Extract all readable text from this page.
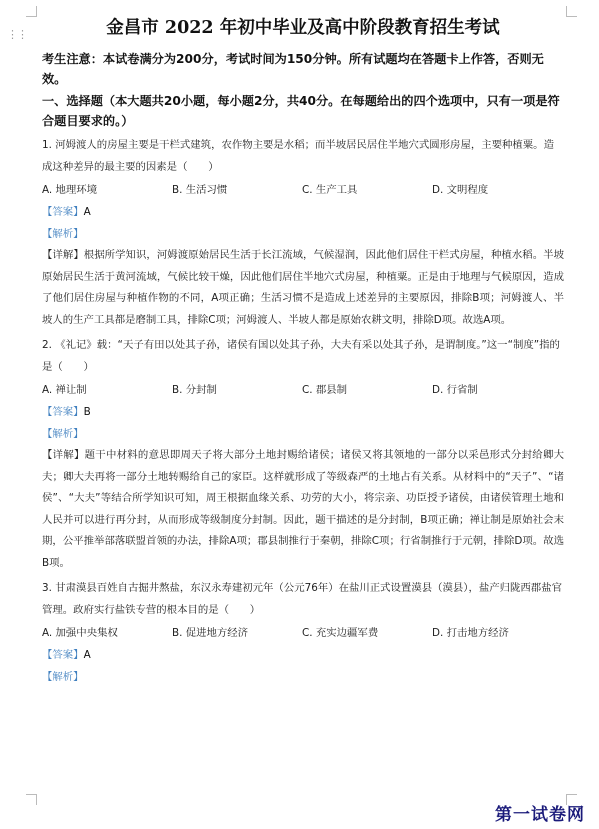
⋮⋮	金昌市 2022 年初中毕业及高中阶段教育招生考试
考生注意：本试卷满分为200分，考试时间为150分钟。所有试题均在答题卡上作答，否则无效。
一、选择题（本大题共20小题，每小题2分，共40分。在每题给出的四个选项中，只有一项是符合题目要求的。）
1. 河姆渡人的房屋主要是干栏式建筑，农作物主要是水稻；而半坡居民居住半地穴式圆形房屋，主要种植粟。造成这种差异的最主要的因素是（　　）
A. 地理环境	B. 生活习惯	C. 生产工具	D. 文明程度
【答案】A
【解析】
【详解】根据所学知识，河姆渡原始居民生活于长江流域，气候湿润，因此他们居住干栏式房屋，种植水稻。半坡原始居民生活于黄河流域，气候比较干燥，因此他们居住半地穴式房屋，种植粟。正是由于地理与气候原因，造成了他们居住房屋与种植作物的不同，A项正确；生活习惯不是造成上述差异的主要原因，排除B项；河姆渡人、半坡人的生产工具都是磨制工具，排除C项；河姆渡人、半坡人都是原始农耕文明，排除D项。故选A项。
2. 《礼记》载：“天子有田以处其子孙，诸侯有国以处其子孙，大夫有采以处其子孙，是谓制度。”这一“制度”指的是（　　）
A. 禅让制	B. 分封制	C. 郡县制	D. 行省制
【答案】B
【解析】
【详解】题干中材料的意思即周天子将大部分土地封赐给诸侯；诸侯又将其领地的一部分以采邑形式分封给卿大夫；卿大夫再将一部分土地转赐给自己的家臣。这样就形成了等级森严的土地占有关系。从材料中的“天子”、“诸侯”、“大夫”等结合所学知识可知，周王根据血缘关系、功劳的大小，将宗亲、功臣授予诸侯，由诸侯管理土地和人民并可以进行再分封，从而形成等级制度分封制。因此，题干描述的是分封制，B项正确；禅让制是原始社会末期，公平推举部落联盟首领的办法，排除A项；郡县制推行于秦朝，排除C项；行省制推行于元朝，排除D项。故选B项。
3. 甘肃漠县百姓自古掘井熬盐，东汉永寿建初元年（公元76年）在盐川正式设置漠县（漠县），盐产归陇西郡盐官管理。政府实行盐铁专营的根本目的是（　　）
A. 加强中央集权	B. 促进地方经济	C. 充实边疆军费	D. 打击地方经济
【答案】A
【解析】
第一试卷网
